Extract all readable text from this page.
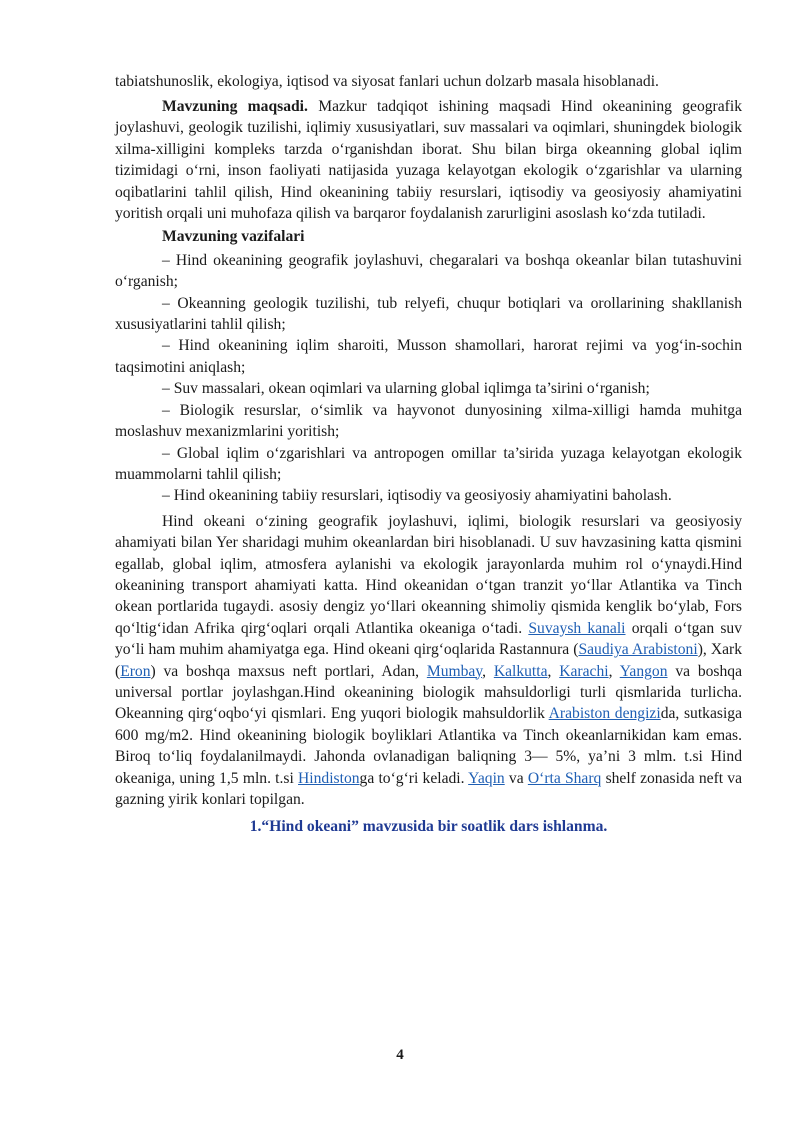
tabiatshunoslik, ekologiya, iqtisod va siyosat fanlari uchun dolzarb masala hisoblanadi.

Mavzuning maqsadi. Mazkur tadqiqot ishining maqsadi Hind okeanining geografik joylashuvi, geologik tuzilishi, iqlimiy xususiyatlari, suv massalari va oqimlari, shuningdek biologik xilma-xilligini kompleks tarzda o‘rganishdan iborat. Shu bilan birga okeanning global iqlim tizimidagi o‘rni, inson faoliyati natijasida yuzaga kelayotgan ekologik o‘zgarishlar va ularning oqibatlarini tahlil qilish, Hind okeanining tabiiy resurslari, iqtisodiy va geosiyosiy ahamiyatini yoritish orqali uni muhofaza qilish va barqaror foydalanish zarurligini asoslash ko‘zda tutiladi.

Mavzuning vazifalari

– Hind okeanining geografik joylashuvi, chegaralari va boshqa okeanlar bilan tutashuvini o‘rganish;

– Okeanning geologik tuzilishi, tub relyefi, chuqur botiqlari va orollarining shakllanish xususiyatlarini tahlil qilish;

– Hind okeanining iqlim sharoiti, Musson shamollari, harorat rejimi va yog‘in-sochin taqsimotini aniqlash;

– Suv massalari, okean oqimlari va ularning global iqlimga ta’sirini o‘rganish;

– Biologik resurslar, o‘simlik va hayvonot dunyosining xilma-xilligi hamda muhitga moslashuv mexanizmlarini yoritish;

– Global iqlim o‘zgarishlari va antropogen omillar ta’sirida yuzaga kelayotgan ekologik muammolarni tahlil qilish;

– Hind okeanining tabiiy resurslari, iqtisodiy va geosiyosiy ahamiyatini baholash.

Hind okeani o‘zining geografik joylashuvi, iqlimi, biologik resurslari va geosiyosiy ahamiyati bilan Yer sharidagi muhim okeanlardan biri hisoblanadi. U suv havzasining katta qismini egallab, global iqlim, atmosfera aylanishi va ekologik jarayonlarda muhim rol o‘ynaydi.Hind okeanining transport ahamiyati katta. Hind okeanidan o‘tgan tranzit yo‘llar Atlantika va Tinch okean portlarida tugaydi. asosiy dengiz yo‘llari okeanning shimoliy qismida kenglik bo‘ylab, Fors qo‘ltig‘idan Afrika qirg‘oqlari orqali Atlantika okeaniga o‘tadi. Suvaysh kanali orqali o‘tgan suv yo‘li ham muhim ahamiyatga ega. Hind okeani qirg‘oqlarida Rastannura (Saudiya Arabistoni), Xark (Eron) va boshqa maxsus neft portlari, Adan, Mumbay, Kalkutta, Karachi, Yangon va boshqa universal portlar joylashgan.Hind okeanining biologik mahsuldorligi turli qismlarida turlicha. Okeanning qirg‘oqbo‘yi qismlari. Eng yuqori biologik mahsuldorlik Arabiston dengizida, sutkasiga 600 mg/m2. Hind okeanining biologik boyliklari Atlantika va Tinch okeanlarnikidan kam emas. Biroq to‘liq foydalanilmaydi. Jahonda ovlanadigan baliqning 3— 5%, ya’ni 3 mlm. t.si Hind okeaniga, uning 1,5 mln. t.si Hindistonga to‘g‘ri keladi. Yaqin va O‘rta Sharq shelf zonasida neft va gazning yirik konlari topilgan.

1.“Hind okeani” mavzusida bir soatlik dars ishlanma.

4
